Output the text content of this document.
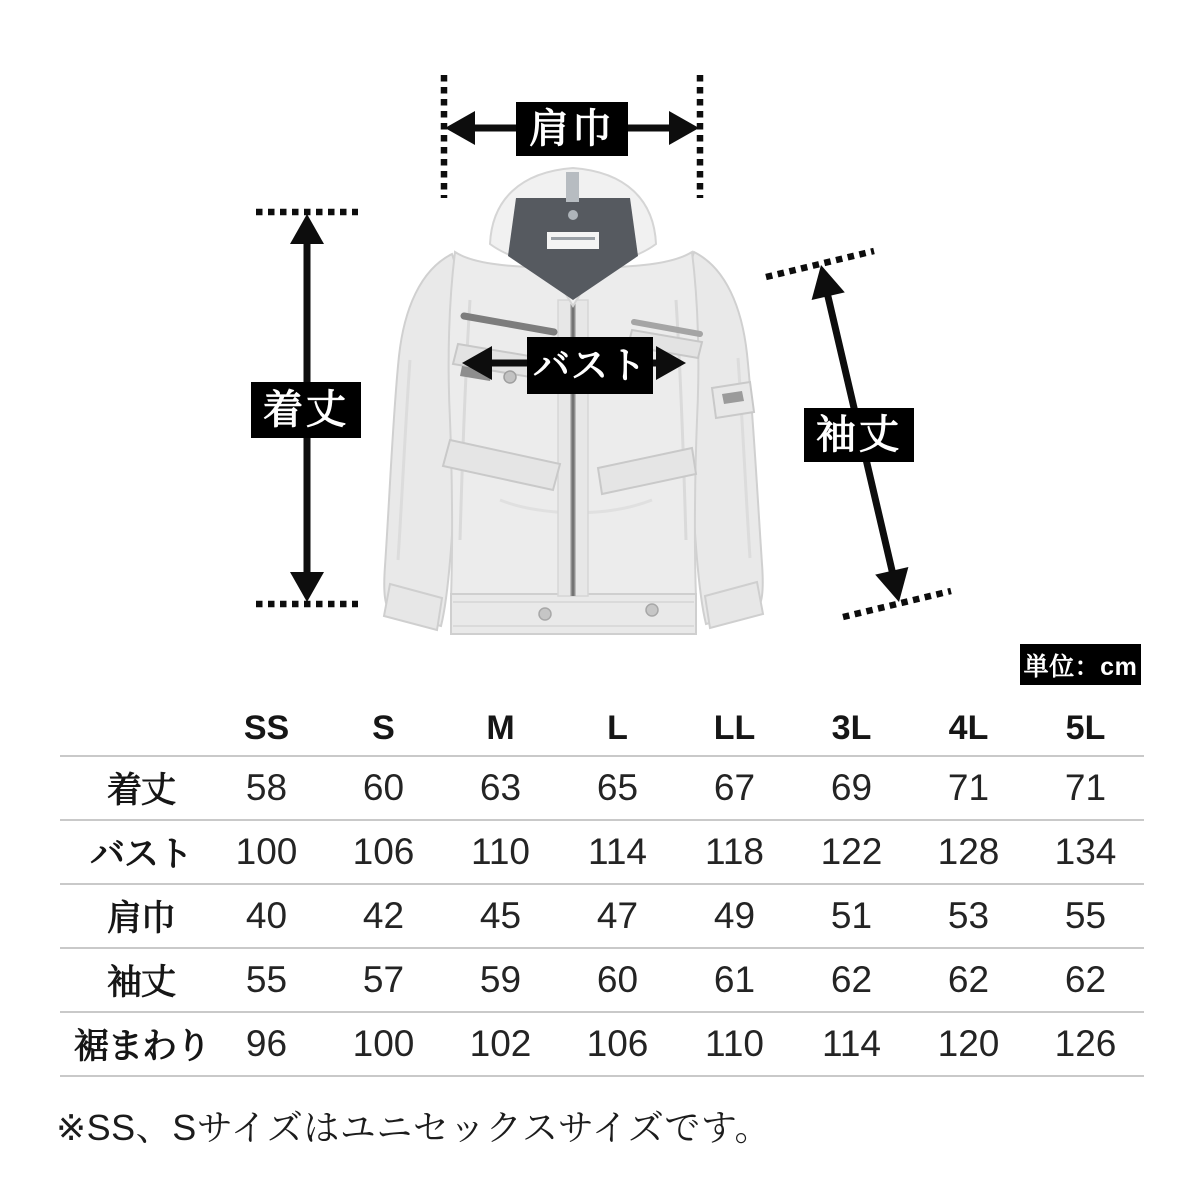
肩巾
着丈
バスト
袖丈
単位：cm
	SS	S	M	L	LL	3L	4L	5L
着丈	58	60	63	65	67	69	71	71
バスト	100	106	110	114	118	122	128	134
肩巾	40	42	45	47	49	51	53	55
袖丈	55	57	59	60	61	62	62	62
裾まわり	96	100	102	106	110	114	120	126
※SS、Sサイズはユニセックスサイズです。
